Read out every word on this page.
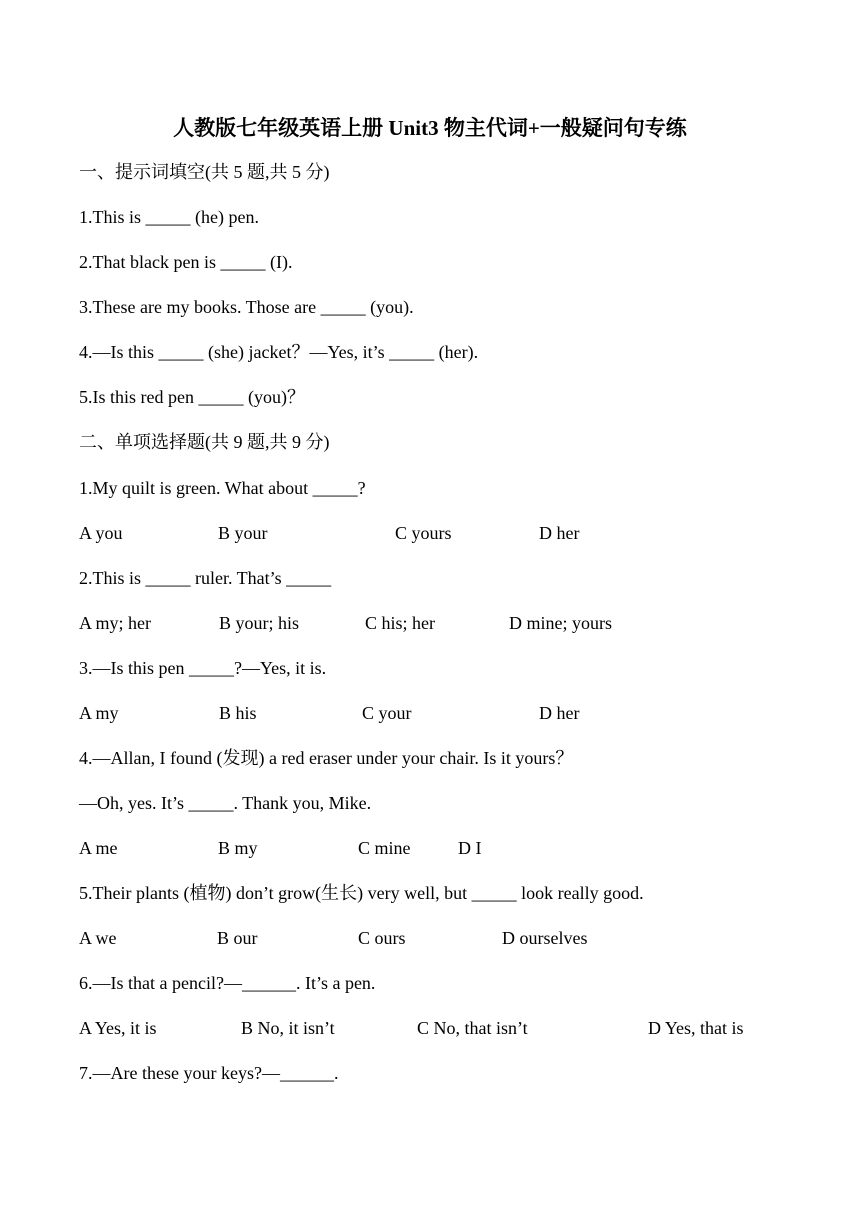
人教版七年级英语上册 Unit3 物主代词+一般疑问句专练
一、提示词填空(共 5 题,共 5 分)
1.This is _____ (he) pen.
2.That black pen is _____ (I).
3.These are my books. Those are _____ (you).
4.—Is this _____ (she) jacket？—Yes, it’s _____ (her).
5.Is this red pen _____ (you)？
二、单项选择题(共 9 题,共 9 分)
1.My quilt is green. What about _____?
A you	B your	C yours	D her
2.This is _____ ruler. That’s _____
A my; her	B your; his	C his; her	D mine; yours
3.—Is this pen _____?—Yes, it is.
A my	B his	C your	D her
4.—Allan, I found (发现) a red eraser under your chair. Is it yours？
—Oh, yes. It’s _____. Thank you, Mike.
A me	B my	C mine	D I
5.Their plants (植物) don’t grow(生长) very well, but _____ look really good.
A we	B our	C ours	D ourselves
6.—Is that a pencil?—______. It’s a pen.
A Yes, it is	B No, it isn’t	C No, that isn’t	D Yes, that is
7.—Are these your keys?—______.
